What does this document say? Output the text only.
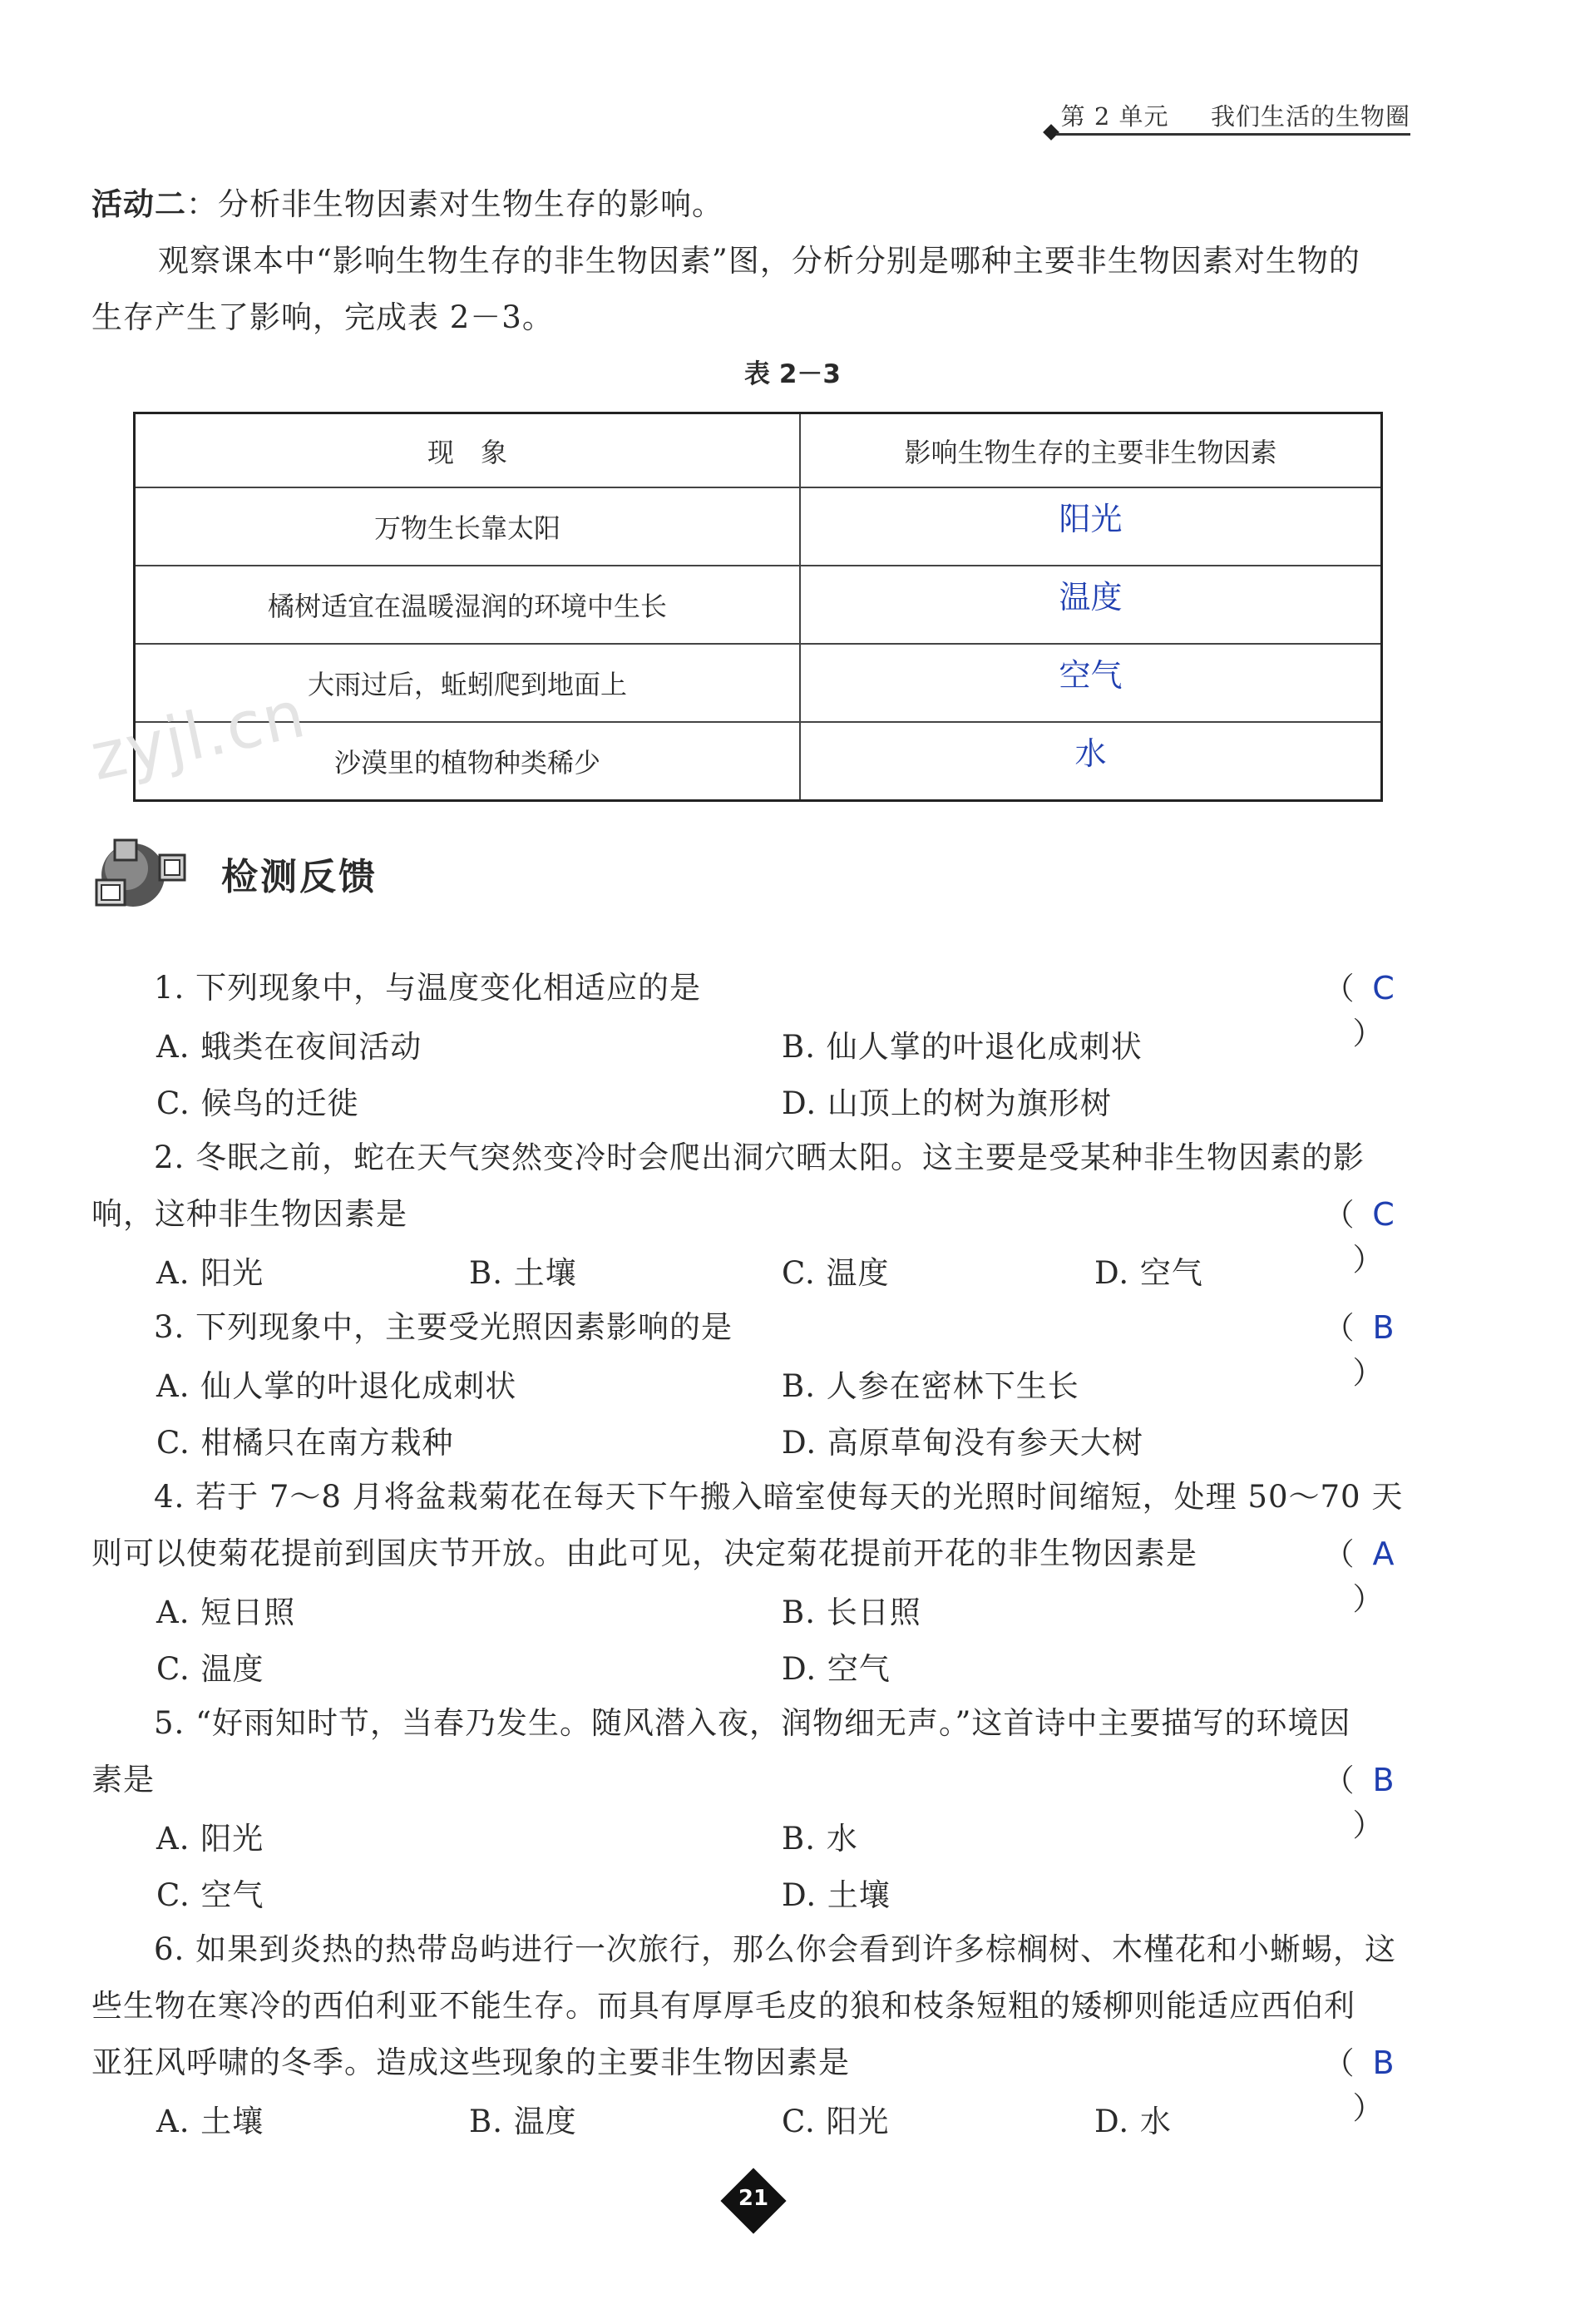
第 2 单元 我们生活的生物圈
活动二：分析非生物因素对生物生存的影响。
观察课本中“影响生物生存的非生物因素”图，分析分别是哪种主要非生物因素对生物的
生存产生了影响，完成表 2－3。
表 2－3
现　象	影响生物生存的主要非生物因素
万物生长靠太阳	阳光
橘树适宜在温暖湿润的环境中生长	温度
大雨过后，蚯蚓爬到地面上	空气
沙漠里的植物种类稀少	水
zyjl.cn
检测反馈
1. 下列现象中，与温度变化相适应的是	（ C）
A. 蛾类在夜间活动	B. 仙人掌的叶退化成刺状
C. 候鸟的迁徙	D. 山顶上的树为旗形树
2. 冬眠之前，蛇在天气突然变冷时会爬出洞穴晒太阳。这主要是受某种非生物因素的影
响，这种非生物因素是	（ C）
A. 阳光	B. 土壤	C. 温度	D. 空气
3. 下列现象中，主要受光照因素影响的是	（ B）
A. 仙人掌的叶退化成刺状	B. 人参在密林下生长
C. 柑橘只在南方栽种	D. 高原草甸没有参天大树
4. 若于 7～8 月将盆栽菊花在每天下午搬入暗室使每天的光照时间缩短，处理 50～70 天
则可以使菊花提前到国庆节开放。由此可见，决定菊花提前开花的非生物因素是	（ A）
A. 短日照	B. 长日照
C. 温度	D. 空气
5. “好雨知时节，当春乃发生。随风潜入夜，润物细无声。”这首诗中主要描写的环境因
素是	（ B）
A. 阳光	B. 水
C. 空气	D. 土壤
6. 如果到炎热的热带岛屿进行一次旅行，那么你会看到许多棕榈树、木槿花和小蜥蜴，这
些生物在寒冷的西伯利亚不能生存。而具有厚厚毛皮的狼和枝条短粗的矮柳则能适应西伯利
亚狂风呼啸的冬季。造成这些现象的主要非生物因素是	（ B）
A. 土壤	B. 温度	C. 阳光	D. 水
21
